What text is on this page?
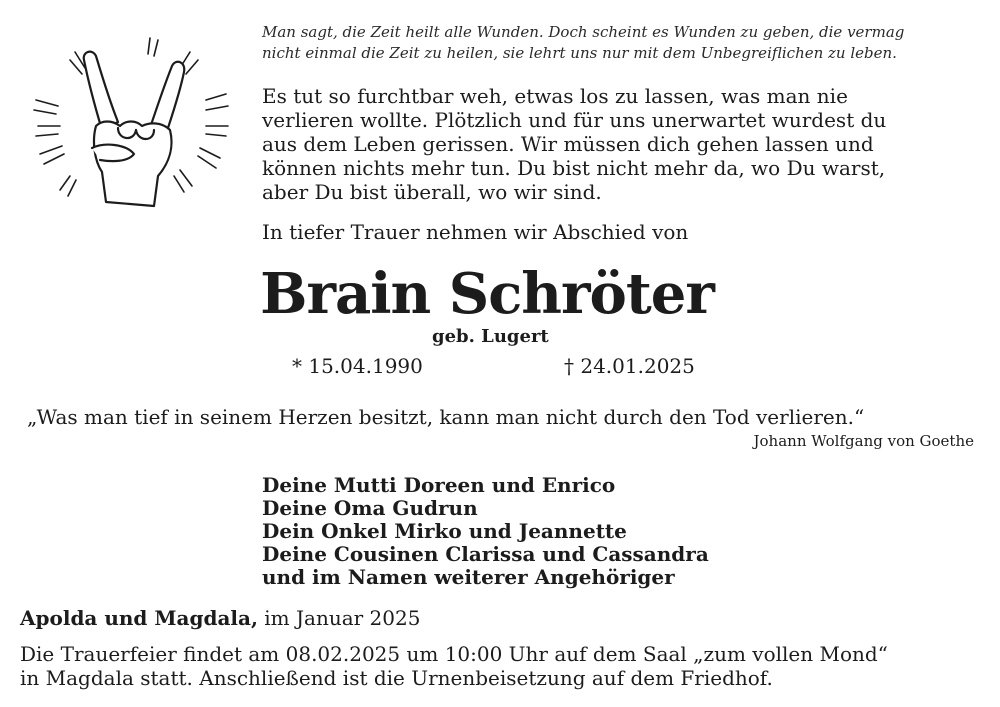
Man sagt, die Zeit heilt alle Wunden. Doch scheint es Wunden zu geben, die vermag
nicht einmal die Zeit zu heilen, sie lehrt uns nur mit dem Unbegreiflichen zu leben.
Es tut so furchtbar weh, etwas los zu lassen, was man nie
verlieren wollte. Plötzlich und für uns unerwartet wurdest du
aus dem Leben gerissen. Wir müssen dich gehen lassen und
können nichts mehr tun. Du bist nicht mehr da, wo Du warst,
aber Du bist überall, wo wir sind.
In tiefer Trauer nehmen wir Abschied von
Brain Schröter
geb. Lugert
* 15.04.1990	† 24.01.2025
„Was man tief in seinem Herzen besitzt, kann man nicht durch den Tod verlieren.“
Johann Wolfgang von Goethe
Deine Mutti Doreen und Enrico
Deine Oma Gudrun
Dein Onkel Mirko und Jeannette
Deine Cousinen Clarissa und Cassandra
und im Namen weiterer Angehöriger
Apolda und Magdala, im Januar 2025
Die Trauerfeier findet am 08.02.2025 um 10:00 Uhr auf dem Saal „zum vollen Mond“
in Magdala statt. Anschließend ist die Urnenbeisetzung auf dem Friedhof.
